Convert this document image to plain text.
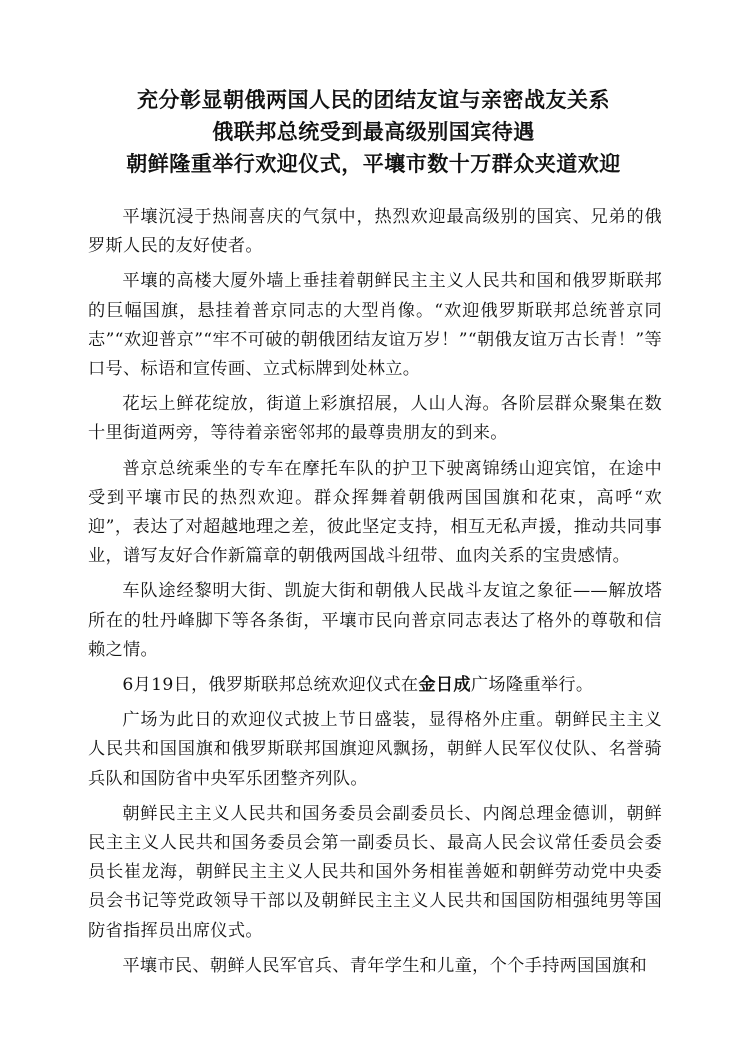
充分彰显朝俄两国人民的团结友谊与亲密战友关系

俄联邦总统受到最高级别国宾待遇

朝鲜隆重举行欢迎仪式，平壤市数十万群众夹道欢迎

平壤沉浸于热闹喜庆的气氛中，热烈欢迎最高级别的国宾、兄弟的俄罗斯人民的友好使者。

平壤的高楼大厦外墙上垂挂着朝鲜民主主义人民共和国和俄罗斯联邦的巨幅国旗，悬挂着普京同志的大型肖像。“欢迎俄罗斯联邦总统普京同志”“欢迎普京”“牢不可破的朝俄团结友谊万岁！”“朝俄友谊万古长青！”等口号、标语和宣传画、立式标牌到处林立。

花坛上鲜花绽放，街道上彩旗招展，人山人海。各阶层群众聚集在数十里街道两旁，等待着亲密邻邦的最尊贵朋友的到来。

普京总统乘坐的专车在摩托车队的护卫下驶离锦绣山迎宾馆，在途中受到平壤市民的热烈欢迎。群众挥舞着朝俄两国国旗和花束，高呼“欢迎”，表达了对超越地理之差，彼此坚定支持，相互无私声援，推动共同事业，谱写友好合作新篇章的朝俄两国战斗纽带、血肉关系的宝贵感情。

车队途经黎明大街、凯旋大街和朝俄人民战斗友谊之象征——解放塔所在的牡丹峰脚下等各条街，平壤市民向普京同志表达了格外的尊敬和信赖之情。

6月19日，俄罗斯联邦总统欢迎仪式在金日成广场隆重举行。

广场为此日的欢迎仪式披上节日盛装，显得格外庄重。朝鲜民主主义人民共和国国旗和俄罗斯联邦国旗迎风飘扬，朝鲜人民军仪仗队、名誉骑兵队和国防省中央军乐团整齐列队。

朝鲜民主主义人民共和国务委员会副委员长、内阁总理金德训，朝鲜民主主义人民共和国务委员会第一副委员长、最高人民会议常任委员会委员长崔龙海，朝鲜民主主义人民共和国外务相崔善姬和朝鲜劳动党中央委员会书记等党政领导干部以及朝鲜民主主义人民共和国国防相强纯男等国防省指挥员出席仪式。

平壤市民、朝鲜人民军官兵、青年学生和儿童，个个手持两国国旗和
